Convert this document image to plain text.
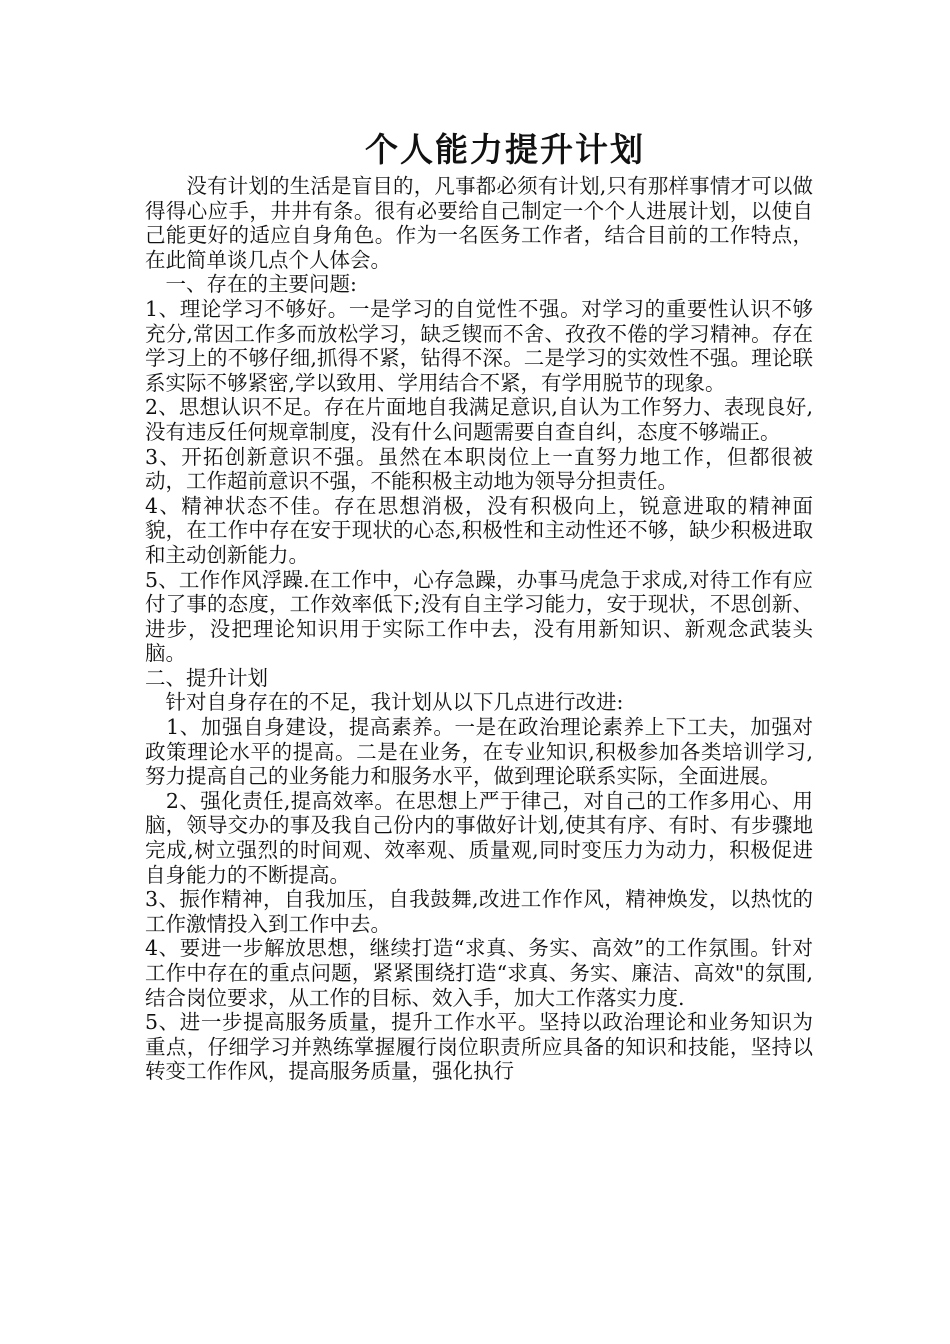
个人能力提升计划

　　没有计划的生活是盲目的，凡事都必须有计划,只有那样事情才可以做得得心应手，井井有条。很有必要给自己制定一个个人进展计划，以使自己能更好的适应自身角色。作为一名医务工作者，结合目前的工作特点，在此简单谈几点个人体会。

　一、存在的主要问题:

1、理论学习不够好。一是学习的自觉性不强。对学习的重要性认识不够充分,常因工作多而放松学习，缺乏锲而不舍、孜孜不倦的学习精神。存在学习上的不够仔细,抓得不紧，钻得不深。二是学习的实效性不强。理论联系实际不够紧密,学以致用、学用结合不紧，有学用脱节的现象。

2、思想认识不足。存在片面地自我满足意识,自认为工作努力、表现良好,没有违反任何规章制度，没有什么问题需要自查自纠，态度不够端正。

3、开拓创新意识不强。虽然在本职岗位上一直努力地工作，但都很被动，工作超前意识不强，不能积极主动地为领导分担责任。

4、精神状态不佳。存在思想消极，没有积极向上，锐意进取的精神面貌，在工作中存在安于现状的心态,积极性和主动性还不够，缺少积极进取和主动创新能力。

5、工作作风浮躁.在工作中，心存急躁，办事马虎急于求成,对待工作有应付了事的态度，工作效率低下;没有自主学习能力，安于现状，不思创新、进步，没把理论知识用于实际工作中去，没有用新知识、新观念武装头脑。

二、提升计划

　针对自身存在的不足，我计划从以下几点进行改进:

　1、加强自身建设，提高素养。一是在政治理论素养上下工夫，加强对政策理论水平的提高。二是在业务，在专业知识,积极参加各类培训学习,努力提高自己的业务能力和服务水平，做到理论联系实际，全面进展。

　2、强化责任,提高效率。在思想上严于律己，对自己的工作多用心、用脑，领导交办的事及我自己份内的事做好计划,使其有序、有时、有步骤地完成,树立强烈的时间观、效率观、质量观,同时变压力为动力，积极促进自身能力的不断提高。

3、振作精神，自我加压，自我鼓舞,改进工作作风，精神焕发，以热忱的工作激情投入到工作中去。

4、要进一步解放思想，继续打造“求真、务实、高效”的工作氛围。针对工作中存在的重点问题，紧紧围绕打造“求真、务实、廉洁、高效"的氛围,结合岗位要求，从工作的目标、效入手，加大工作落实力度.

5、进一步提高服务质量，提升工作水平。坚持以政治理论和业务知识为重点，仔细学习并熟练掌握履行岗位职责所应具备的知识和技能，坚持以转变工作作风，提高服务质量，强化执行
